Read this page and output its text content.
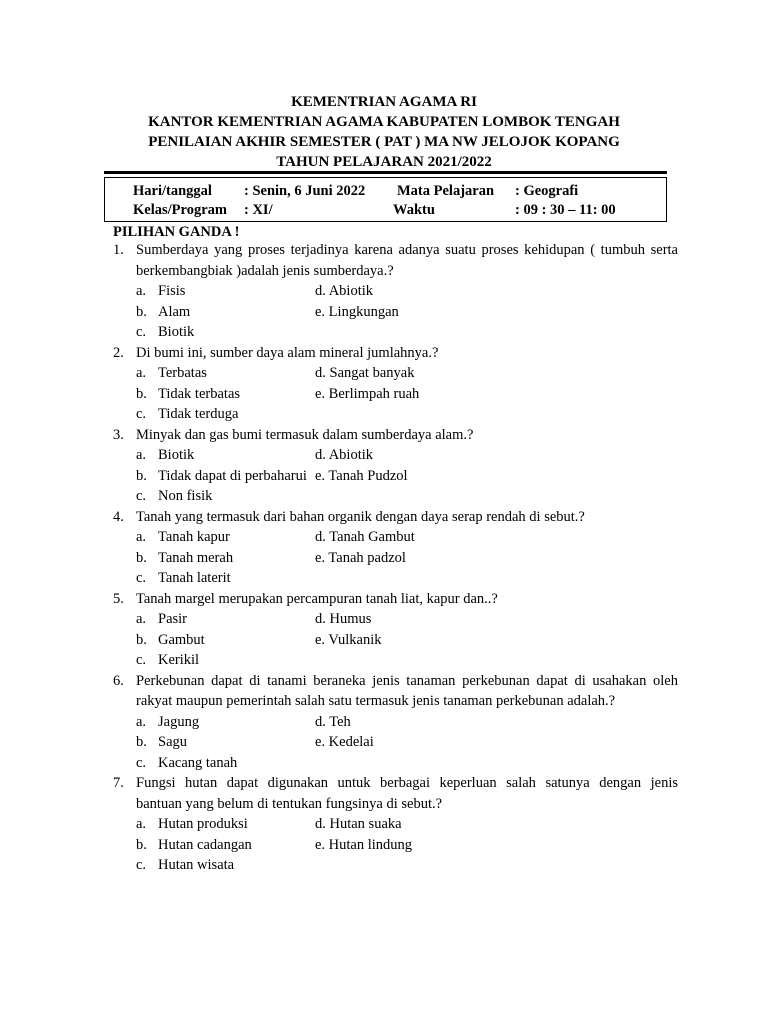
KEMENTRIAN AGAMA RI
KANTOR KEMENTRIAN AGAMA KABUPATEN LOMBOK TENGAH
PENILAIAN AKHIR SEMESTER ( PAT ) MA NW JELOJOK KOPANG
TAHUN PELAJARAN 2021/2022
Hari/tanggal : Senin, 6 Juni 2022 Mata Pelajaran : Geografi
Kelas/Program : XI/	Waktu	: 09 : 30 – 11: 00
PILIHAN GANDA !
1. Sumberdaya yang proses terjadinya karena adanya suatu proses kehidupan ( tumbuh serta
berkembangbiak )adalah jenis sumberdaya.?
a. Fisis	d. Abiotik
b. Alam	e. Lingkungan
c. Biotik
2. Di bumi ini, sumber daya alam mineral jumlahnya.?
a. Terbatas	d. Sangat banyak
b. Tidak terbatas	e. Berlimpah ruah
c. Tidak terduga
3. Minyak dan gas bumi termasuk dalam sumberdaya alam.?
a. Biotik	d. Abiotik
b. Tidak dapat di perbaharui e. Tanah Pudzol
c. Non fisik
4. Tanah yang termasuk dari bahan organik dengan daya serap rendah di sebut.?
a. Tanah kapur	d. Tanah Gambut
b. Tanah merah	e. Tanah padzol
c. Tanah laterit
5. Tanah margel merupakan percampuran tanah liat, kapur dan..?
a. Pasir	d. Humus
b. Gambut	e. Vulkanik
c. Kerikil
6. Perkebunan dapat di tanami beraneka jenis tanaman perkebunan dapat di usahakan oleh
rakyat maupun pemerintah salah satu termasuk jenis tanaman perkebunan adalah.?
a. Jagung	d. Teh
b. Sagu	e. Kedelai
c. Kacang tanah
7. Fungsi hutan dapat digunakan untuk berbagai keperluan salah satunya dengan jenis
bantuan yang belum di tentukan fungsinya di sebut.?
a. Hutan produksi	d. Hutan suaka
b. Hutan cadangan	e. Hutan lindung
c. Hutan wisata
